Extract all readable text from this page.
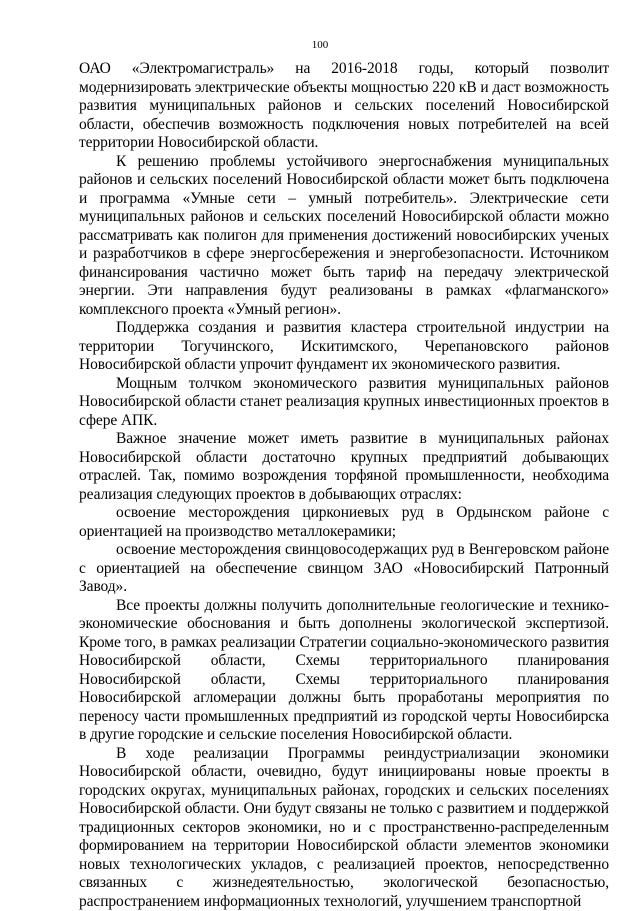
100

ОАО «Электромагистраль» на 2016-2018 годы, который позволит модернизировать электрические объекты мощностью 220 кВ и даст возможность развития муниципальных районов и сельских поселений Новосибирской области, обеспечив возможность подключения новых потребителей на всей территории Новосибирской области.

К решению проблемы устойчивого энергоснабжения муниципальных районов и сельских поселений Новосибирской области может быть подключена и программа «Умные сети – умный потребитель». Электрические сети муниципальных районов и сельских поселений Новосибирской области можно рассматривать как полигон для применения достижений новосибирских ученых и разработчиков в сфере энергосбережения и энергобезопасности. Источником финансирования частично может быть тариф на передачу электрической энергии. Эти направления будут реализованы в рамках «флагманского» комплексного проекта «Умный регион».

Поддержка создания и развития кластера строительной индустрии на территории Тогучинского, Искитимского, Черепановского районов Новосибирской области упрочит фундамент их экономического развития.

Мощным толчком экономического развития муниципальных районов Новосибирской области станет реализация крупных инвестиционных проектов в сфере АПК.

Важное значение может иметь развитие в муниципальных районах Новосибирской области достаточно крупных предприятий добывающих отраслей. Так, помимо возрождения торфяной промышленности, необходима реализация следующих проектов в добывающих отраслях:

освоение месторождения циркониевых руд в Ордынском районе с ориентацией на производство металлокерамики;

освоение месторождения свинцовосодержащих руд в Венгеровском районе с ориентацией на обеспечение свинцом ЗАО «Новосибирский Патронный Завод».

Все проекты должны получить дополнительные геологические и технико-экономические обоснования и быть дополнены экологической экспертизой. Кроме того, в рамках реализации Стратегии социально-экономического развития Новосибирской области, Схемы территориального планирования Новосибирской области, Схемы территориального планирования Новосибирской агломерации должны быть проработаны мероприятия по переносу части промышленных предприятий из городской черты Новосибирска в другие городские и сельские поселения Новосибирской области.

В ходе реализации Программы реиндустриализации экономики Новосибирской области, очевидно, будут инициированы новые проекты в городских округах, муниципальных районах, городских и сельских поселениях Новосибирской области. Они будут связаны не только с развитием и поддержкой традиционных секторов экономики, но и с пространственно-распределенным формированием на территории Новосибирской области элементов экономики новых технологических укладов, с реализацией проектов, непосредственно связанных с жизнедеятельностью, экологической безопасностью, распространением информационных технологий, улучшением транспортной
